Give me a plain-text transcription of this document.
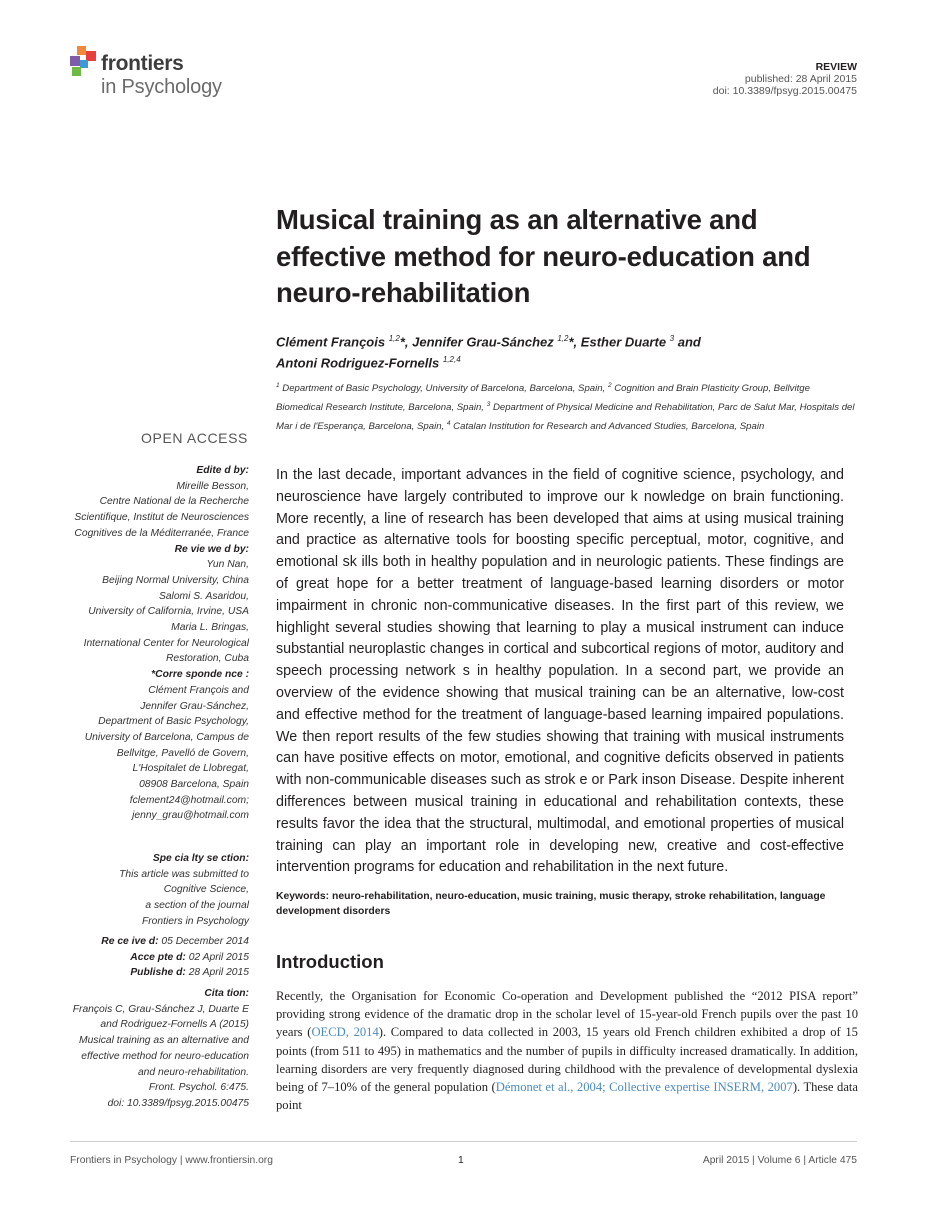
frontiers
in Psychology
REVIEW
published: 28 April 2015
doi: 10.3389/fpsyg.2015.00475
Musical training as an alternative and effective method for neuro-education and neuro-rehabilitation
Clément François $^{1,2}$*, Jennifer Grau-Sánchez $^{1,2}$*, Esther Duarte $^3$ and
Antoni Rodriguez-Fornells $^{1,2,4}$
$^1$ Department of Basic Psychology, University of Barcelona, Barcelona, Spain, $^2$ Cognition and Brain Plasticity Group, Bellvitge Biomedical Research Institute, Barcelona, Spain, $^3$ Department of Physical Medicine and Rehabilitation, Parc de Salut Mar, Hospitals del Mar i de l'Esperança, Barcelona, Spain, $^4$ Catalan Institution for Research and Advanced Studies, Barcelona, Spain
OPEN ACCESS
Edite d by:
Mireille Besson,
Centre National de la Recherche
Scientifique, Institut de Neurosciences
Cognitives de la Méditerranée, France
Re vie we d by:
Yun Nan,
Beijing Normal University, China
Salomi S. Asaridou,
University of California, Irvine, USA
Maria L. Bringas,
International Center for Neurological
Restoration, Cuba
*Corre sponde nce :
Clément François and
Jennifer Grau-Sánchez,
Department of Basic Psychology,
University of Barcelona, Campus de
Bellvitge, Pavelló de Govern,
L'Hospitalet de Llobregat,
08908 Barcelona, Spain
fclement24@hotmail.com;
jenny_grau@hotmail.com
Spe cia lty se ction:
This article was submitted to
Cognitive Science,
a section of the journal
Frontiers in Psychology
Re ce ive d: 05 December 2014
Acce pte d: 02 April 2015
Publishe d: 28 April 2015
Cita tion:
François C, Grau-Sánchez J, Duarte E
and Rodriguez-Fornells A (2015)
Musical training as an alternative and
effective method for neuro-education
and neuro-rehabilitation.
Front. Psychol. 6:475.
doi: 10.3389/fpsyg.2015.00475
In the last decade, important advances in the field of cognitive science, psychology, and neuroscience have largely contributed to improve our k nowledge on brain functioning. More recently, a line of research has been developed that aims at using musical training and practice as alternative tools for boosting specific perceptual, motor, cognitive, and emotional sk ills both in healthy population and in neurologic patients. These findings are of great hope for a better treatment of language-based learning disorders or motor impairment in chronic non-communicative diseases. In the first part of this review, we highlight several studies showing that learning to play a musical instrument can induce substantial neuroplastic changes in cortical and subcortical regions of motor, auditory and speech processing network s in healthy population. In a second part, we provide an overview of the evidence showing that musical training can be an alternative, low-cost and effective method for the treatment of language-based learning impaired populations. We then report results of the few studies showing that training with musical instruments can have positive effects on motor, emotional, and cognitive deficits observed in patients with non-communicable diseases such as strok e or Park inson Disease. Despite inherent differences between musical training in educational and rehabilitation contexts, these results favor the idea that the structural, multimodal, and emotional properties of musical training can play an important role in developing new, creative and cost-effective intervention programs for education and rehabilitation in the next future.
Keywords: neuro-rehabilitation, neuro-education, music training, music therapy, stroke rehabilitation, language development disorders
Introduction
Recently, the Organisation for Economic Co-operation and Development published the “2012 PISA report” providing strong evidence of the dramatic drop in the scholar level of 15-year-old French pupils over the past 10 years (OECD, 2014). Compared to data collected in 2003, 15 years old French children exhibited a drop of 15 points (from 511 to 495) in mathematics and the number of pupils in difficulty increased dramatically. In addition, learning disorders are very frequently diagnosed during childhood with the prevalence of developmental dyslexia being of 7–10% of the general population (Démonet et al., 2004; Collective expertise INSERM, 2007). These data point
Frontiers in Psychology | www.frontiersin.org	1	April 2015 | Volume 6 | Article 475
